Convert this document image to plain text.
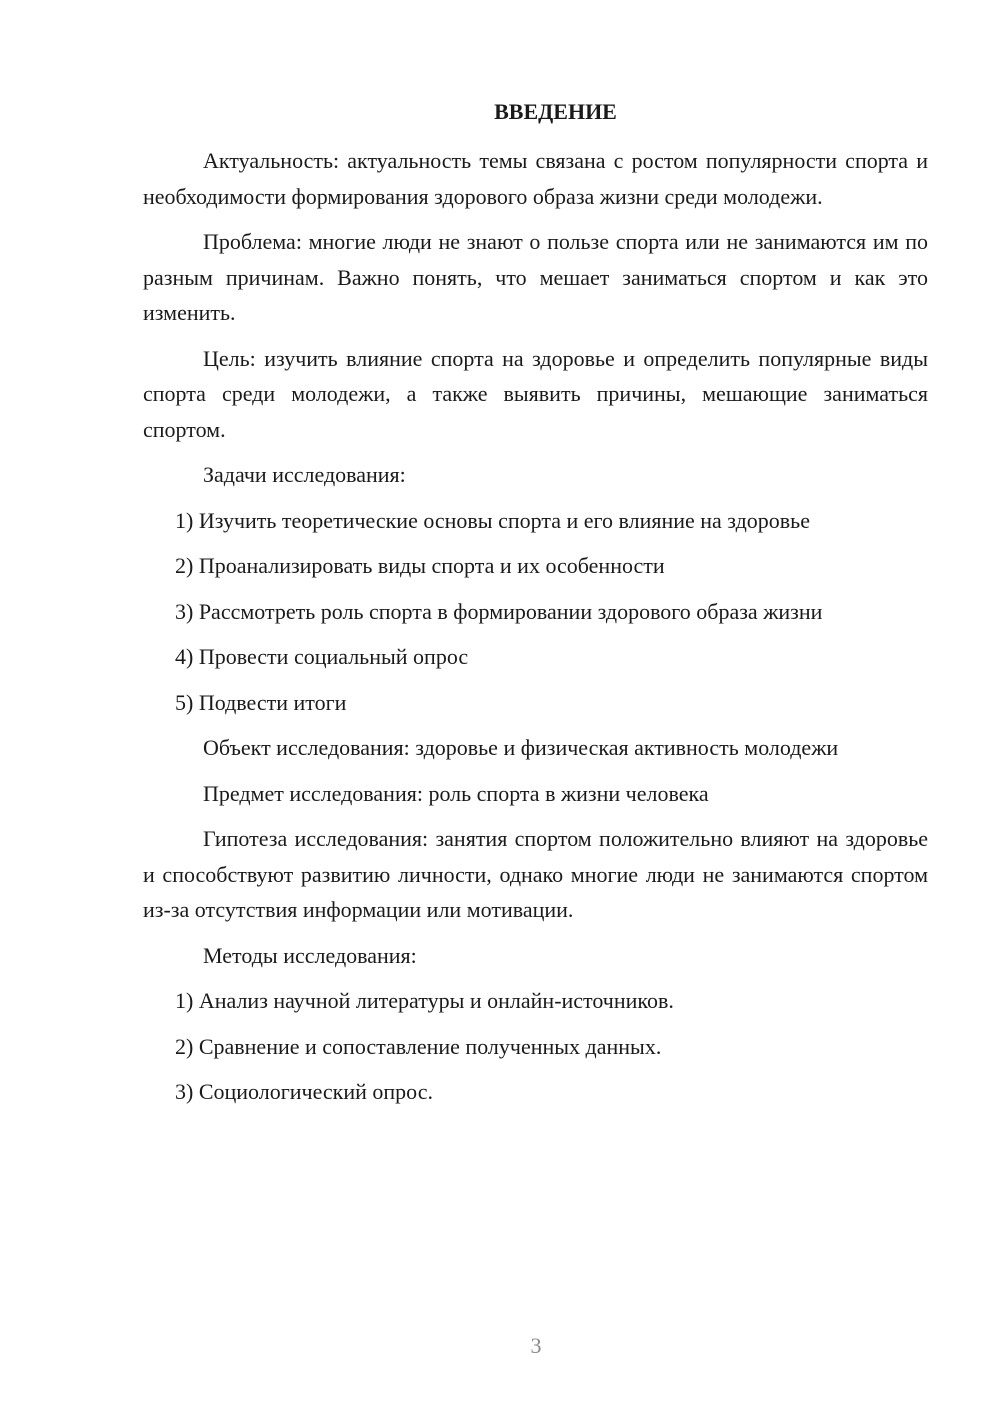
ВВЕДЕНИЕ

Актуальность: актуальность темы связана с ростом популярности спорта и необходимости формирования здорового образа жизни среди молодежи.

Проблема: многие люди не знают о пользе спорта или не занимаются им по разным причинам. Важно понять, что мешает заниматься спортом и как это изменить.

Цель: изучить влияние спорта на здоровье и определить популярные виды спорта среди молодежи, а также выявить причины, мешающие заниматься спортом.

Задачи исследования:
1) Изучить теоретические основы спорта и его влияние на здоровье
2) Проанализировать виды спорта и их особенности
3) Рассмотреть роль спорта в формировании здорового образа жизни
4) Провести социальный опрос
5) Подвести итоги
Объект исследования: здоровье и физическая активность молодежи
Предмет исследования: роль спорта в жизни человека

Гипотеза исследования: занятия спортом положительно влияют на здоровье и способствуют развитию личности, однако многие люди не занимаются спортом из-за отсутствия информации или мотивации.

Методы исследования:
1) Анализ научной литературы и онлайн-источников.
2) Сравнение и сопоставление полученных данных.
3) Социологический опрос.
3
